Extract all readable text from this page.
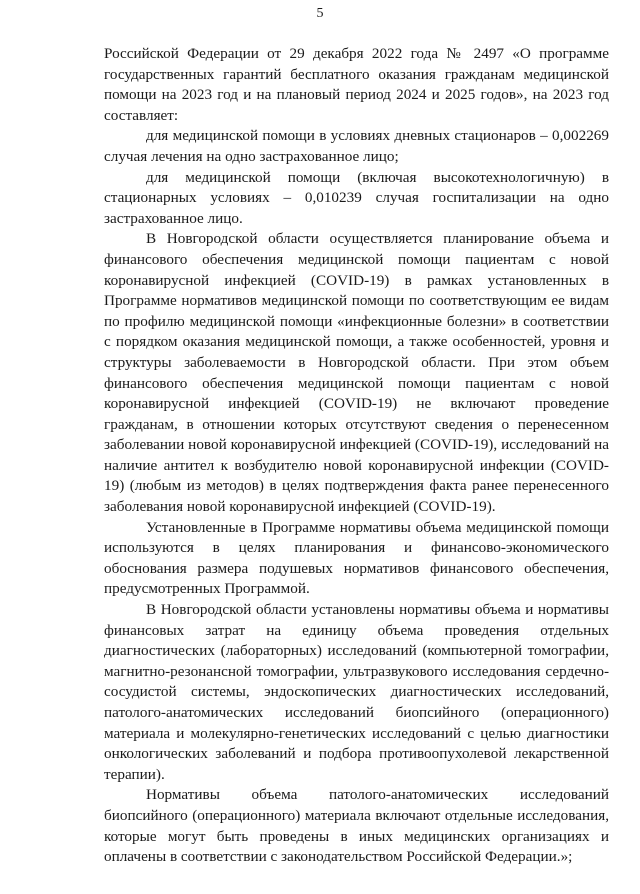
5

Российской Федерации от 29 декабря 2022 года № 2497 «О программе государственных гарантий бесплатного оказания гражданам медицинской помощи на 2023 год и на плановый период 2024 и 2025 годов», на 2023 год составляет:

для медицинской помощи в условиях дневных стационаров – 0,002269 случая лечения на одно застрахованное лицо;

для медицинской помощи (включая высокотехнологичную) в стационарных условиях – 0,010239 случая госпитализации на одно застрахованное лицо.

В Новгородской области осуществляется планирование объема и финансового обеспечения медицинской помощи пациентам с новой коронавирусной инфекцией (COVID-19) в рамках установленных в Программе нормативов медицинской помощи по соответствующим ее видам по профилю медицинской помощи «инфекционные болезни» в соответствии с порядком оказания медицинской помощи, а также особенностей, уровня и структуры заболеваемости в Новгородской области. При этом объем финансового обеспечения медицинской помощи пациентам с новой коронавирусной инфекцией (COVID-19) не включают проведение гражданам, в отношении которых отсутствуют сведения о перенесенном заболевании новой коронавирусной инфекцией (COVID-19), исследований на наличие антител к возбудителю новой коронавирусной инфекции (COVID-19) (любым из методов) в целях подтверждения факта ранее перенесенного заболевания новой коронавирусной инфекцией (COVID-19).

Установленные в Программе нормативы объема медицинской помощи используются в целях планирования и финансово-экономического обоснования размера подушевых нормативов финансового обеспечения, предусмотренных Программой.

В Новгородской области установлены нормативы объема и нормативы финансовых затрат на единицу объема проведения отдельных диагностических (лабораторных) исследований (компьютерной томографии, магнитно-резонансной томографии, ультразвукового исследования сердечно-сосудистой системы, эндоскопических диагностических исследований, патолого-анатомических исследований биопсийного (операционного) материала и молекулярно-генетических исследований с целью диагностики онкологических заболеваний и подбора противоопухолевой лекарственной терапии).

Нормативы объема патолого-анатомических исследований биопсийного (операционного) материала включают отдельные исследования, которые могут быть проведены в иных медицинских организациях и оплачены в соответствии с законодательством Российской Федерации.»;
